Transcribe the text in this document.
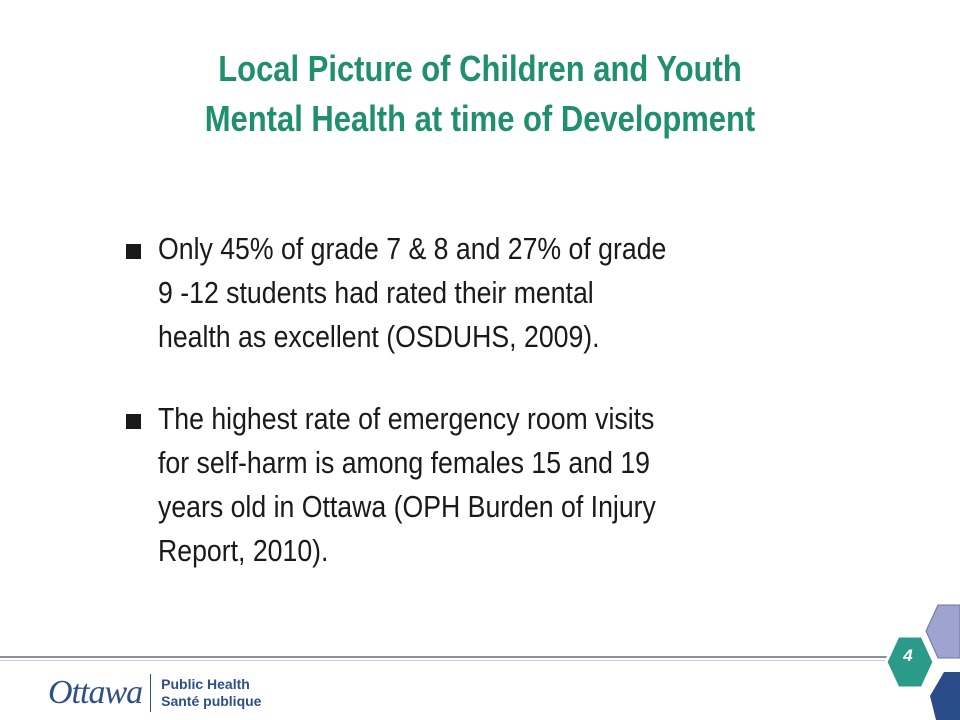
Local Picture of Children and Youth
Mental Health at time of Development
Only 45% of grade 7 & 8 and 27% of grade
9 -12 students had rated their mental
health as excellent (OSDUHS, 2009).
The highest rate of emergency room visits
for self-harm is among females 15 and 19
years old in Ottawa (OPH Burden of Injury
Report, 2010).
4
Ottawa Public Health
Santé publique
